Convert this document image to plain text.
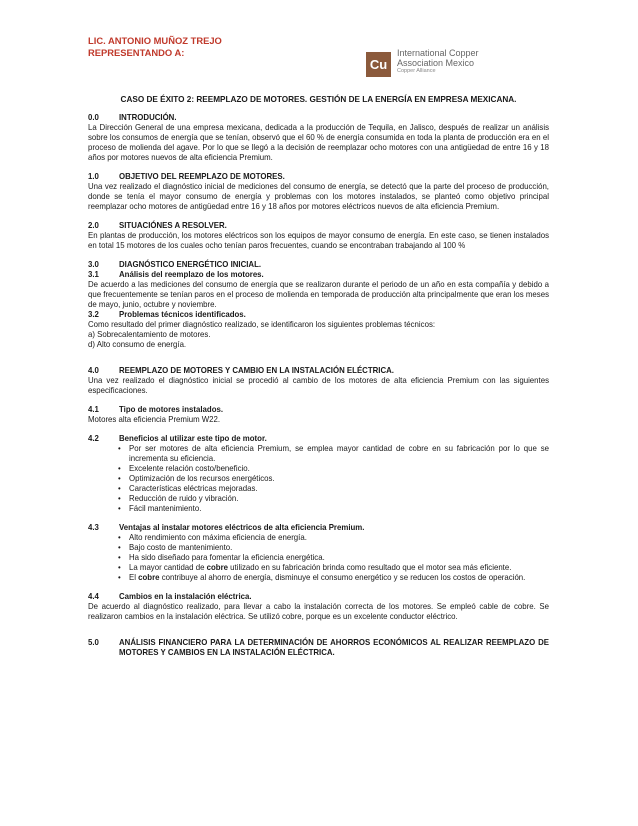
LIC. ANTONIO MUÑOZ TREJO
REPRESENTANDO A:
Cu
International Copper
Association Mexico
Copper Alliance
CASO DE ÉXITO 2: REEMPLAZO DE MOTORES. GESTIÓN DE LA ENERGÍA EN EMPRESA MEXICANA.
0.0	INTRODUCIÓN.
La Dirección General de una empresa mexicana, dedicada a la producción de Tequila, en Jalisco, después de realizar un análisis sobre los consumos de energía que se tenían, observó que el 60 % de energía consumida en toda la planta de producción era en el proceso de molienda del agave. Por lo que se llegó a la decisión de reemplazar ocho motores con una antigüedad de entre 16 y 18 años por motores nuevos de alta eficiencia Premium.
1.0	OBJETIVO DEL REEMPLAZO DE MOTORES.
Una vez realizado el diagnóstico inicial de mediciones del consumo de energía, se detectó que la parte del proceso de producción, donde se tenía el mayor consumo de energía y problemas con los motores instalados, se planteó como objetivo principal reemplazar ocho motores de antigüedad entre 16 y 18 años por motores eléctricos nuevos de alta eficiencia Premium.
2.0	SITUACIÓNES A RESOLVER.
En plantas de producción, los motores eléctricos son los equipos de mayor consumo de energía. En este caso, se tienen instalados en total 15 motores de los cuales ocho tenían paros frecuentes, cuando se encontraban trabajando al 100 %
3.0	DIAGNÓSTICO ENERGÉTICO INICIAL.
3.1	Análisis del reemplazo de los motores.
De acuerdo a las mediciones del consumo de energía que se realizaron durante el periodo de un año en esta compañía y debido a que frecuentemente se tenían paros en el proceso de molienda en temporada de producción alta principalmente que eran los meses de mayo, junio, octubre y noviembre.
3.2	Problemas técnicos identificados.
Como resultado del primer diagnóstico realizado, se identificaron los siguientes problemas técnicos:
a) Sobrecalentamiento de motores.
d) Alto consumo de energía.
4.0	REEMPLAZO DE MOTORES Y CAMBIO EN LA INSTALACIÓN ELÉCTRICA.
Una vez realizado el diagnóstico inicial se procedió al cambio de los motores de alta eficiencia Premium con las siguientes especificaciones.
4.1	Tipo de motores instalados.
Motores alta eficiencia Premium W22.
4.2	Beneficios al utilizar este tipo de motor.
• Por ser motores de alta eficiencia Premium, se emplea mayor cantidad de cobre en su fabricación por lo que se incrementa su eficiencia.
• Excelente relación costo/beneficio.
• Optimización de los recursos energéticos.
• Características eléctricas mejoradas.
• Reducción de ruido y vibración.
• Fácil mantenimiento.
4.3	Ventajas al instalar motores eléctricos de alta eficiencia Premium.
• Alto rendimiento con máxima eficiencia de energía.
• Bajo costo de mantenimiento.
• Ha sido diseñado para fomentar la eficiencia energética.
• La mayor cantidad de cobre utilizado en su fabricación brinda como resultado que el motor sea más eficiente.
• El cobre contribuye al ahorro de energía, disminuye el consumo energético y se reducen los costos de operación.
4.4	Cambios en la instalación eléctrica.
De acuerdo al diagnóstico realizado, para llevar a cabo la instalación correcta de los motores. Se empleó cable de cobre. Se realizaron cambios en la instalación eléctrica. Se utilizó cobre, porque es un excelente conductor eléctrico.
5.0	ANÁLISIS FINANCIERO PARA LA DETERMINACIÓN DE AHORROS ECONÓMICOS AL REALIZAR REEMPLAZO DE MOTORES Y CAMBIOS EN LA INSTALACIÓN ELÉCTRICA.
